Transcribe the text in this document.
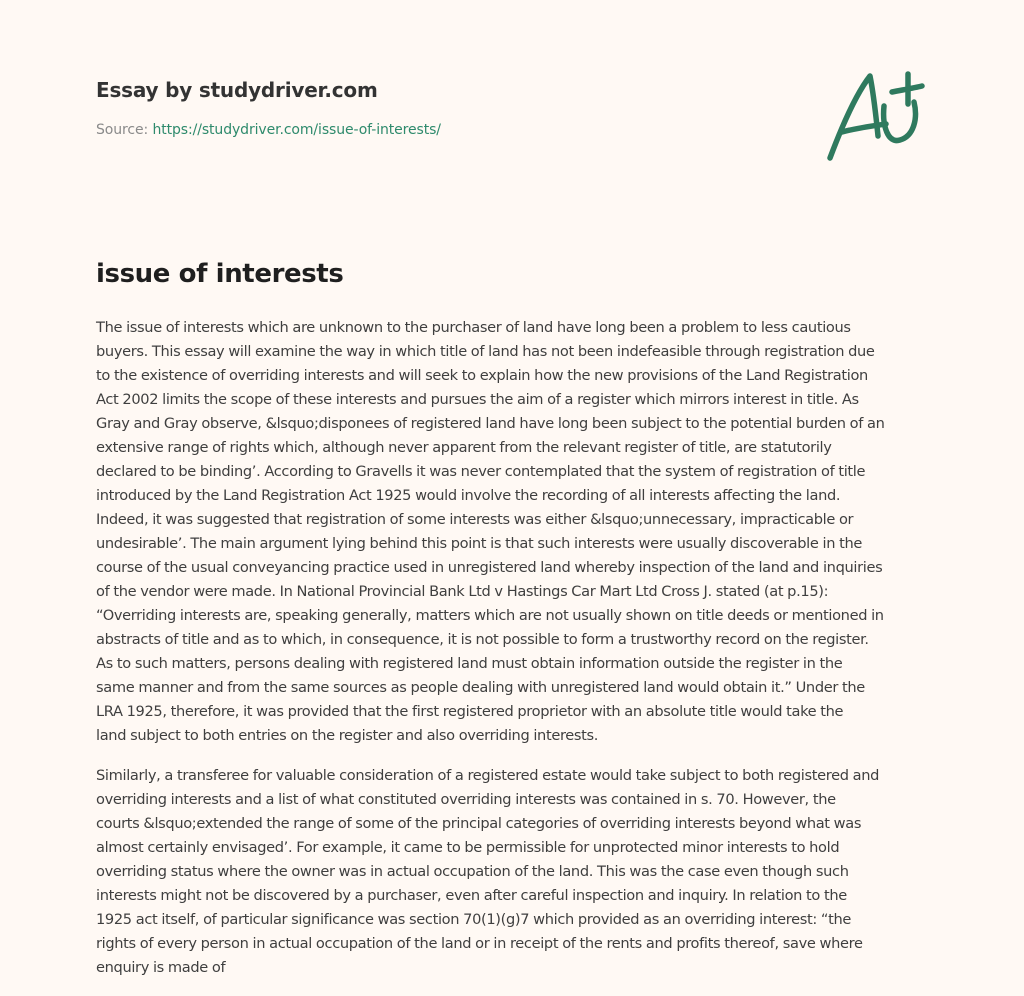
Essay by studydriver.com
Source: https://studydriver.com/issue-of-interests/
issue of interests

The issue of interests which are unknown to the purchaser of land have long been a problem to less cautious
buyers. This essay will examine the way in which title of land has not been indefeasible through registration due
to the existence of overriding interests and will seek to explain how the new provisions of the Land Registration
Act 2002 limits the scope of these interests and pursues the aim of a register which mirrors interest in title. As
Gray and Gray observe, &lsquo;disponees of registered land have long been subject to the potential burden of an
extensive range of rights which, although never apparent from the relevant register of title, are statutorily
declared to be binding’. According to Gravells it was never contemplated that the system of registration of title
introduced by the Land Registration Act 1925 would involve the recording of all interests affecting the land.
Indeed, it was suggested that registration of some interests was either &lsquo;unnecessary, impracticable or
undesirable’. The main argument lying behind this point is that such interests were usually discoverable in the
course of the usual conveyancing practice used in unregistered land whereby inspection of the land and inquiries
of the vendor were made. In National Provincial Bank Ltd v Hastings Car Mart Ltd Cross J. stated (at p.15):
“Overriding interests are, speaking generally, matters which are not usually shown on title deeds or mentioned in
abstracts of title and as to which, in consequence, it is not possible to form a trustworthy record on the register.
As to such matters, persons dealing with registered land must obtain information outside the register in the
same manner and from the same sources as people dealing with unregistered land would obtain it.” Under the
LRA 1925, therefore, it was provided that the first registered proprietor with an absolute title would take the
land subject to both entries on the register and also overriding interests.

Similarly, a transferee for valuable consideration of a registered estate would take subject to both registered and
overriding interests and a list of what constituted overriding interests was contained in s. 70. However, the
courts &lsquo;extended the range of some of the principal categories of overriding interests beyond what was
almost certainly envisaged’. For example, it came to be permissible for unprotected minor interests to hold
overriding status where the owner was in actual occupation of the land. This was the case even though such
interests might not be discovered by a purchaser, even after careful inspection and inquiry. In relation to the
1925 act itself, of particular significance was section 70(1)(g)7 which provided as an overriding interest: “the
rights of every person in actual occupation of the land or in receipt of the rents and profits thereof, save where
enquiry is made of
